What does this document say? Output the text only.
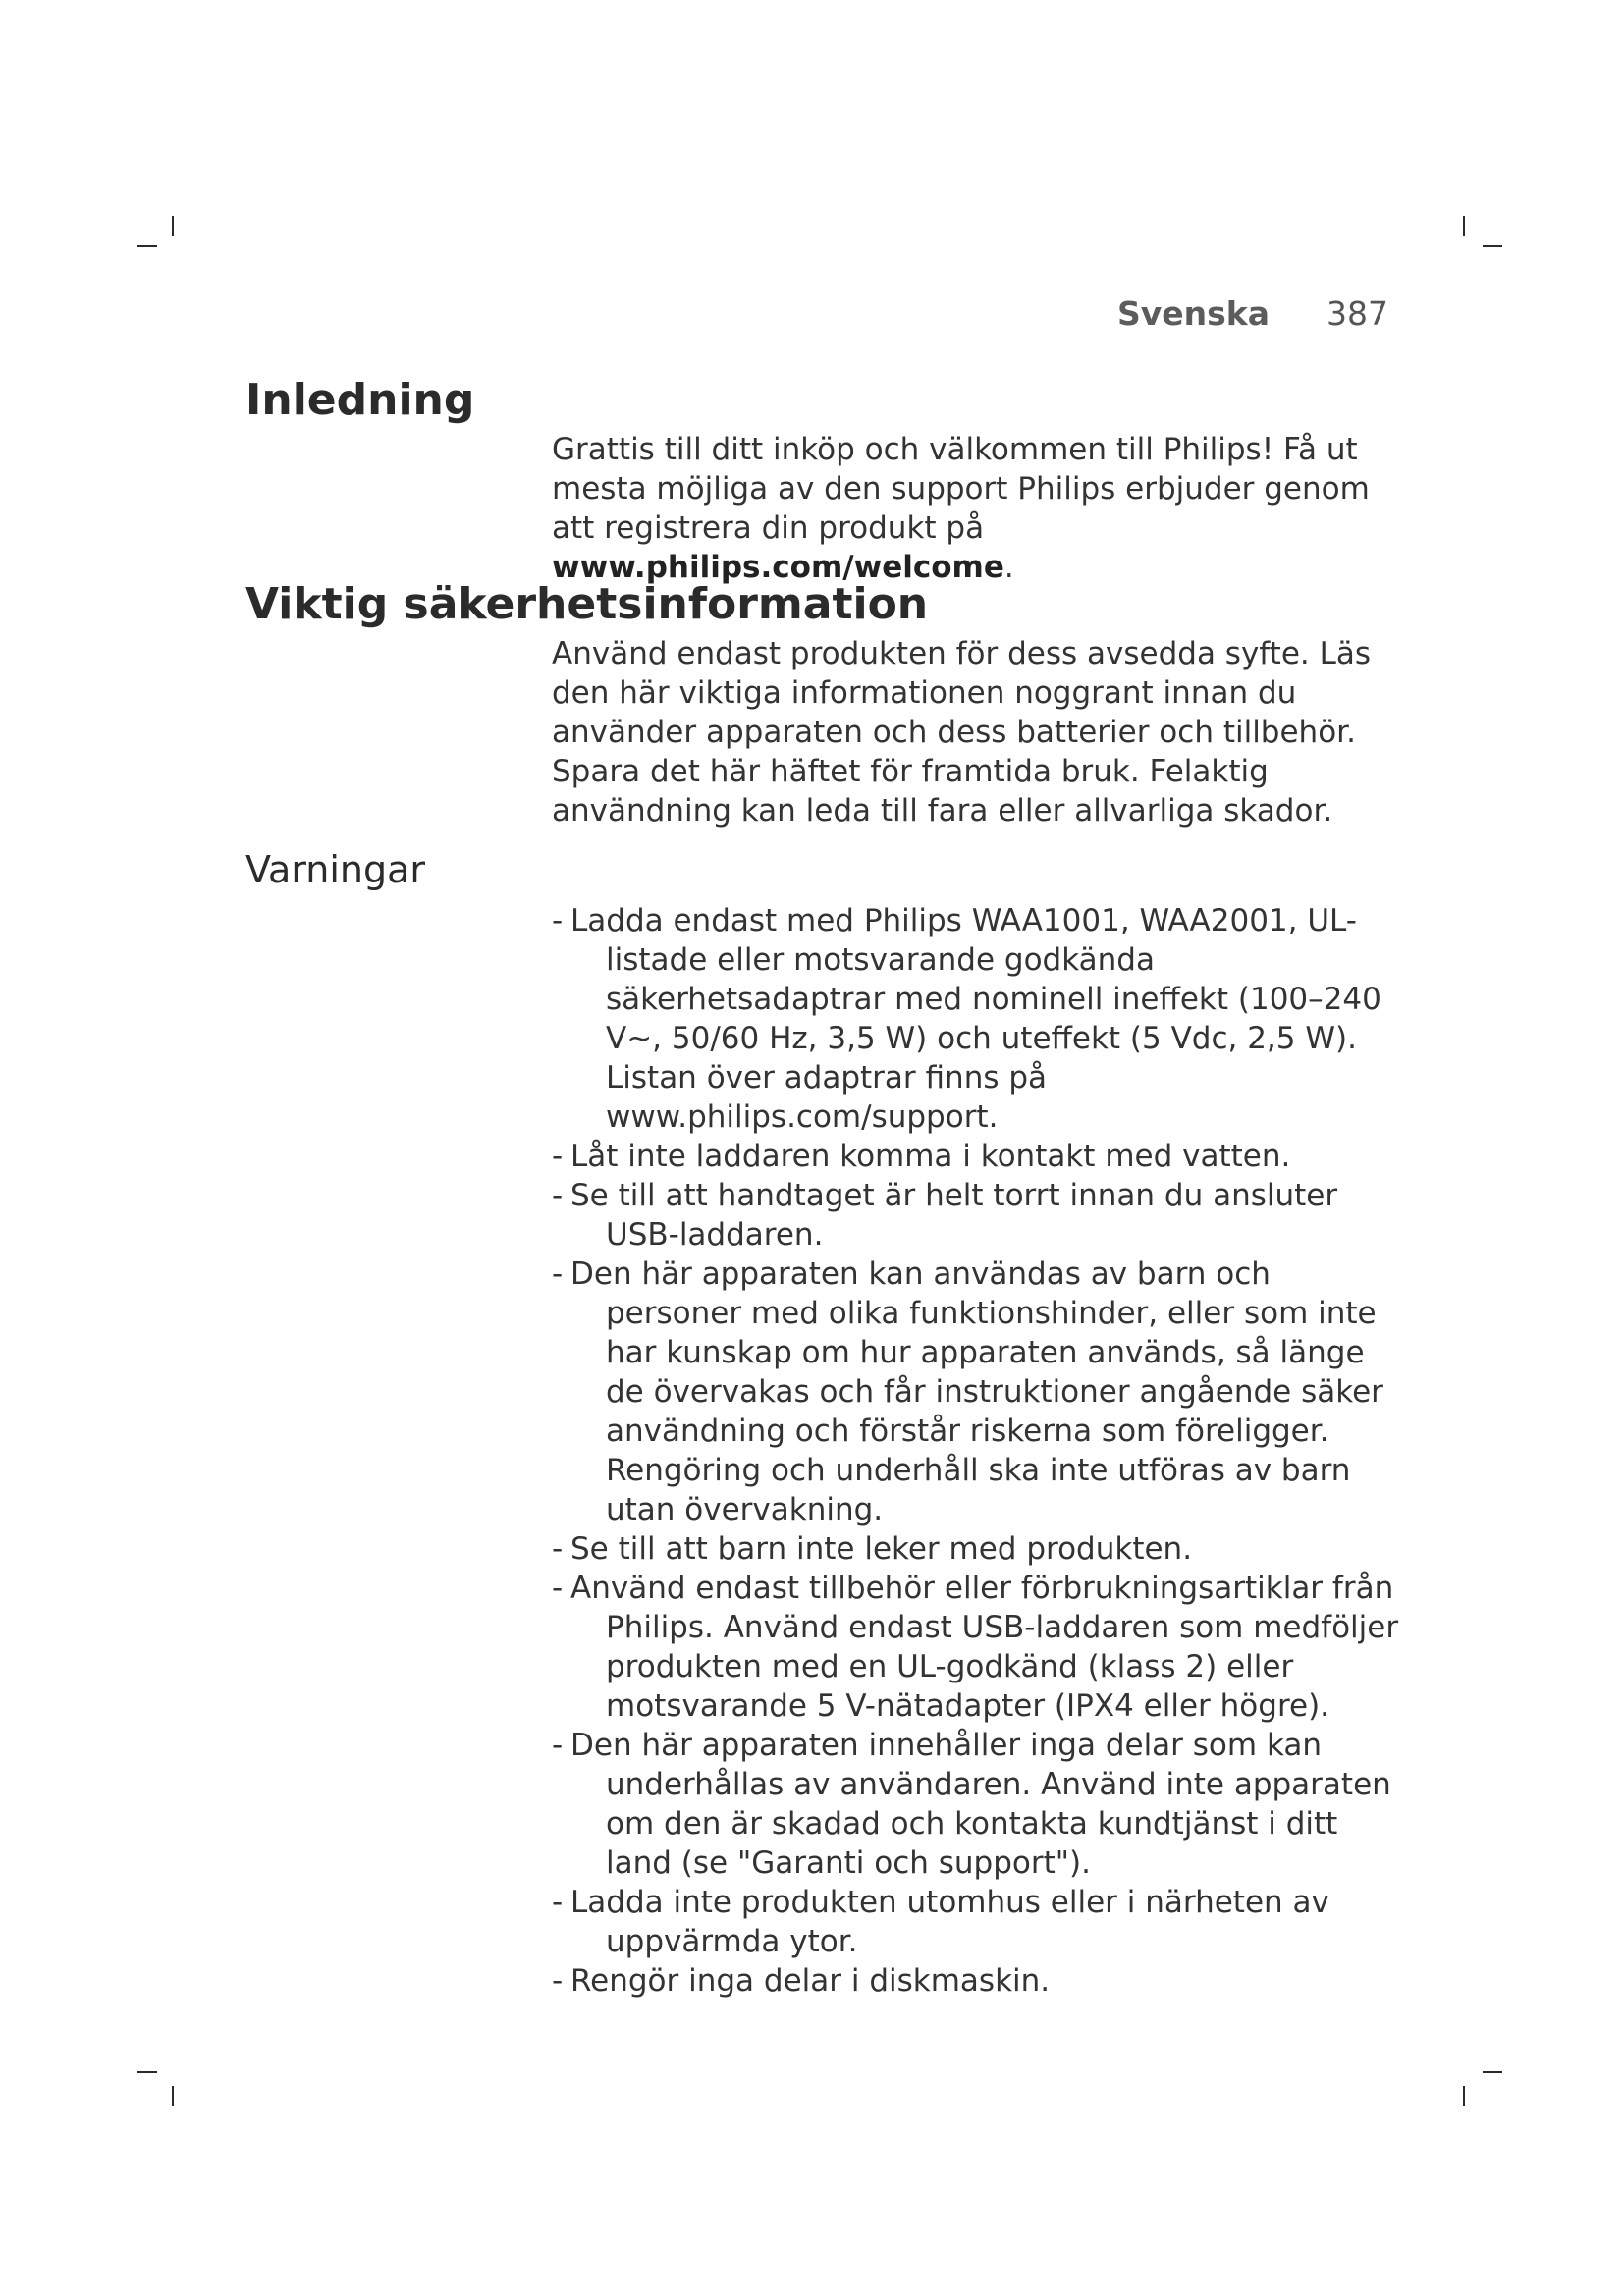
Svenska 387
Inledning

Grattis till ditt inköp och välkommen till Philips! Få ut mesta möjliga av den support Philips erbjuder genom att registrera din produkt på www.philips.com/welcome.

Viktig säkerhetsinformation

Använd endast produkten för dess avsedda syfte. Läs den här viktiga informationen noggrant innan du använder apparaten och dess batterier och tillbehör. Spara det här häftet för framtida bruk. Felaktig användning kan leda till fara eller allvarliga skador.

Varningar
- Ladda endast med Philips WAA1001, WAA2001, UL-listade eller motsvarande godkända säkerhetsadaptrar med nominell ineffekt (100–240 V~, 50/60 Hz, 3,5 W) och uteffekt (5 Vdc, 2,5 W). Listan över adaptrar finns på www.philips.com/support.
- Låt inte laddaren komma i kontakt med vatten.
- Se till att handtaget är helt torrt innan du ansluter USB-laddaren.
- Den här apparaten kan användas av barn och personer med olika funktionshinder, eller som inte har kunskap om hur apparaten används, så länge de övervakas och får instruktioner angående säker användning och förstår riskerna som föreligger. Rengöring och underhåll ska inte utföras av barn utan övervakning.
- Se till att barn inte leker med produkten.
- Använd endast tillbehör eller förbrukningsartiklar från Philips. Använd endast USB-laddaren som medföljer produkten med en UL-godkänd (klass 2) eller motsvarande 5 V-nätadapter (IPX4 eller högre).
- Den här apparaten innehåller inga delar som kan underhållas av användaren. Använd inte apparaten om den är skadad och kontakta kundtjänst i ditt land (se "Garanti och support").
- Ladda inte produkten utomhus eller i närheten av uppvärmda ytor.
- Rengör inga delar i diskmaskin.
